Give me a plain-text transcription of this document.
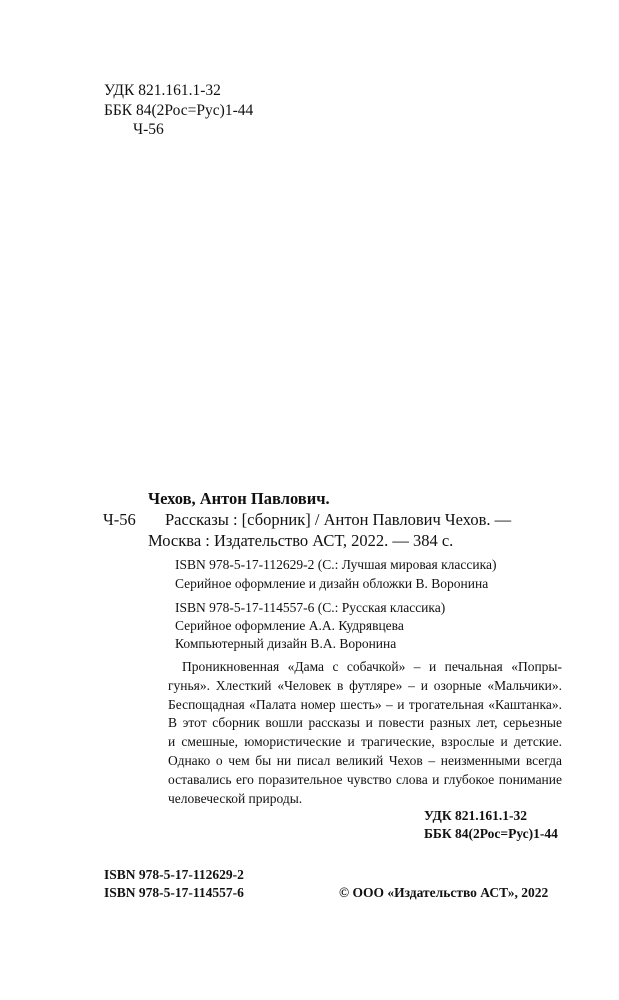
УДК 821.161.1-32
ББК 84(2Рос=Рус)1-44
Ч-56
Чехов, Антон Павлович.
Ч-56 Рассказы : [сборник] / Антон Павлович Чехов. —
Москва : Издательство АСТ, 2022. — 384 с.
ISBN 978-5-17-112629-2 (С.: Лучшая мировая классика)
Серийное оформление и дизайн обложки В. Воронина
ISBN 978-5-17-114557-6 (С.: Русская классика)
Серийное оформление А.А. Кудрявцева
Компьютерный дизайн В.А. Воронина
Проникновенная «Дама с собачкой» – и печальная «Попры-
гунья». Хлесткий «Человек в футляре» – и озорные «Мальчики».
Беспощадная «Палата номер шесть» – и трогательная «Каштанка».
В этот сборник вошли рассказы и повести разных лет, серьезные
и смешные, юмористические и трагические, взрослые и детские.
Однако о чем бы ни писал великий Чехов – неизменными всегда
оставались его поразительное чувство слова и глубокое понимание
человеческой природы.
УДК 821.161.1-32
ББК 84(2Рос=Рус)1-44
ISBN 978-5-17-112629-2
ISBN 978-5-17-114557-6	© ООО «Издательство АСТ», 2022
